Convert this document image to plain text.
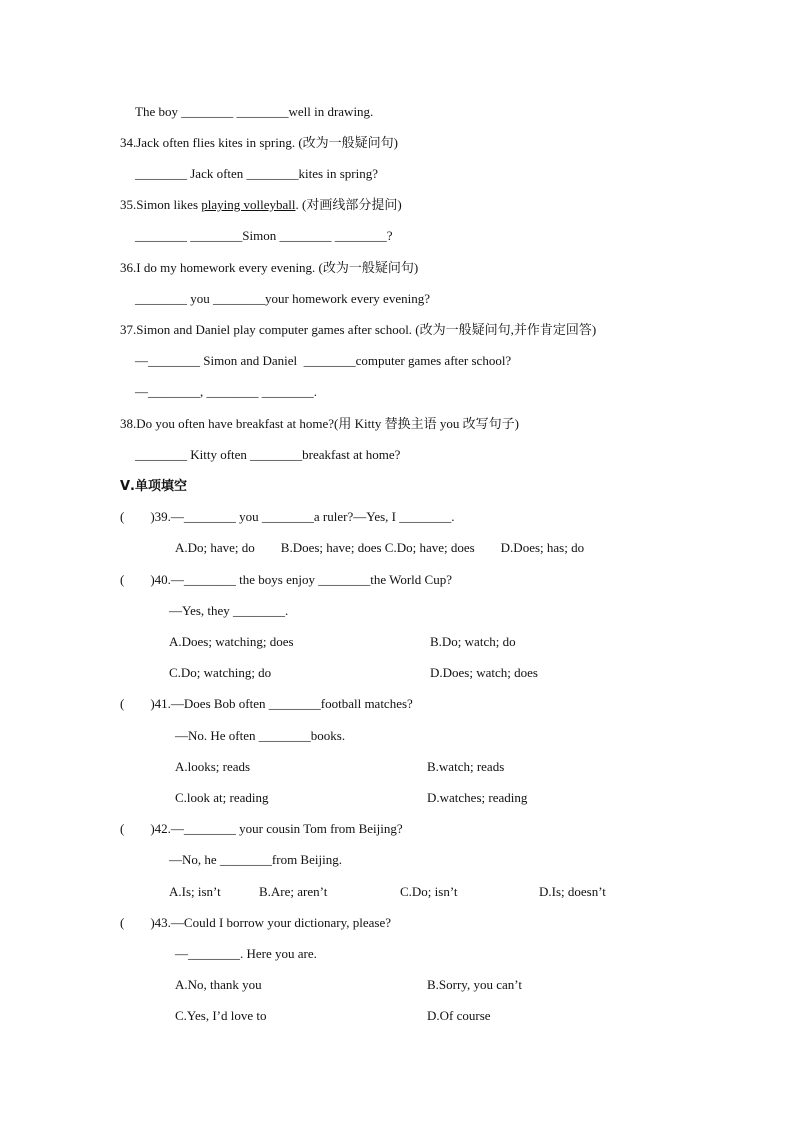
The boy ________ ________well in drawing.
34.Jack often flies kites in spring. (改为一般疑问句)
________ Jack often ________kites in spring?
35.Simon likes playing volleyball. (对画线部分提问)
________ ________Simon ________ ________?
36.I do my homework every evening. (改为一般疑问句)
________ you ________your homework every evening?
37.Simon and Daniel play computer games after school. (改为一般疑问句,并作肯定回答)
—________ Simon and Daniel  ________computer games after school?
—________, ________ ________.
38.Do you often have breakfast at home?(用 Kitty 替换主语 you 改写句子)
________ Kitty often ________breakfast at home?
Ⅴ.单项填空
(        )39.—________ you ________a ruler?—Yes, I ________.
A.Do; have; do        B.Does; have; does C.Do; have; does        D.Does; has; do
(        )40.—________ the boys enjoy ________the World Cup?
—Yes, they ________.
A.Does; watching; does	B.Do; watch; do
C.Do; watching; do	D.Does; watch; does
(        )41.—Does Bob often ________football matches?
—No. He often ________books.
A.looks; reads	B.watch; reads
C.look at; reading	D.watches; reading
(        )42.—________ your cousin Tom from Beijing?
—No, he ________from Beijing.
A.Is; isn’t	B.Are; aren’t	C.Do; isn’t	D.Is; doesn’t
(        )43.—Could I borrow your dictionary, please?
—________. Here you are.
A.No, thank you	B.Sorry, you can’t
C.Yes, I’d love to	D.Of course
